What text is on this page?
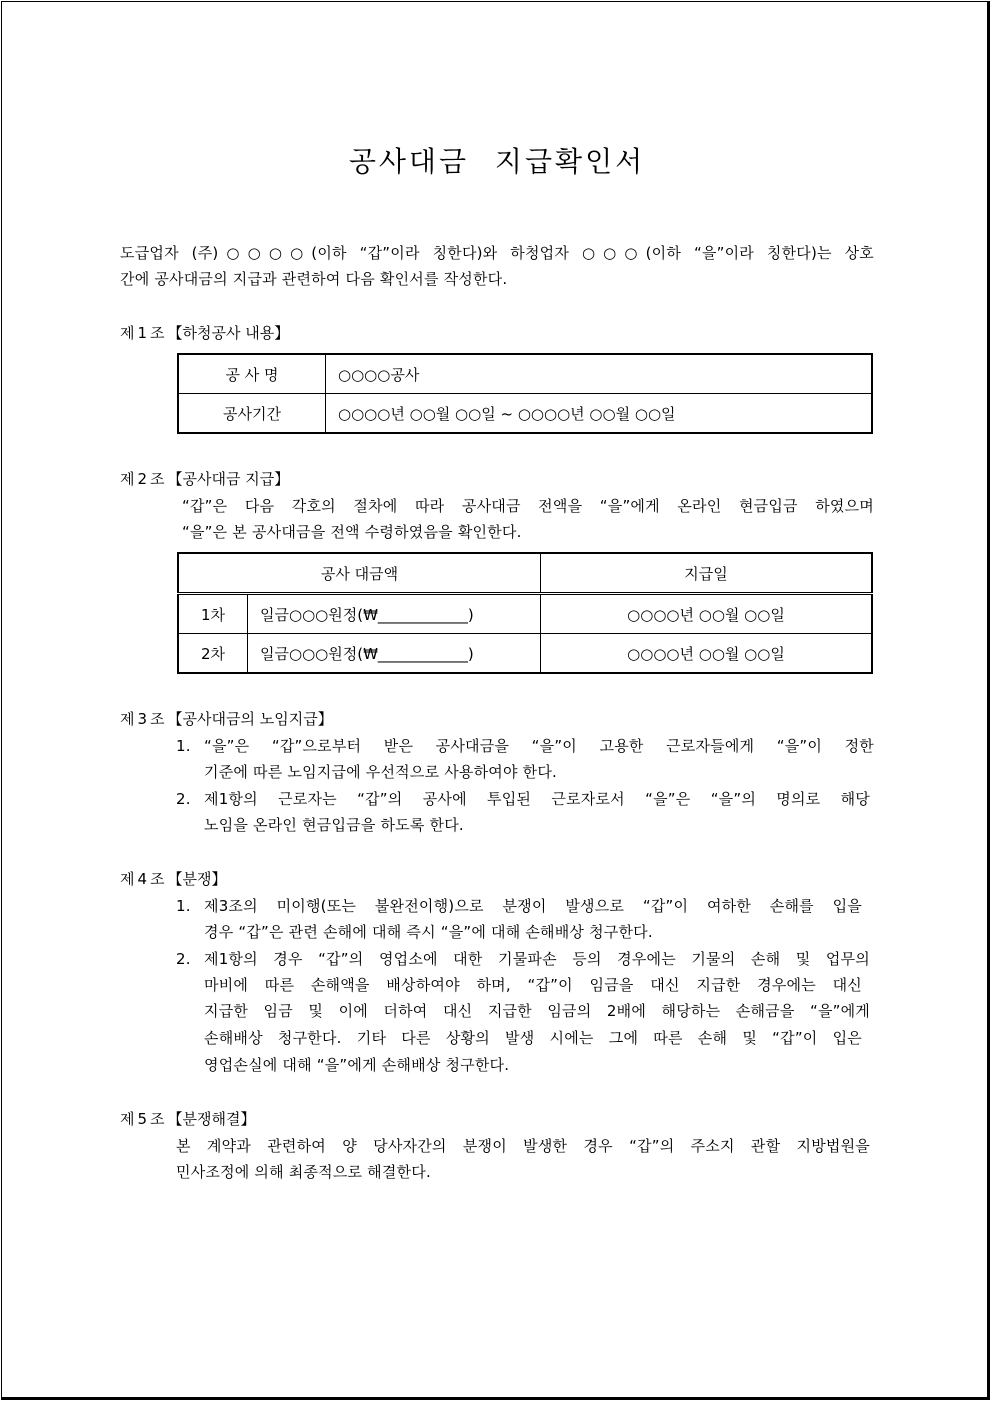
공사대금 지급확인서
도급업자 (주)○○○○(이하 “갑”이라 칭한다)와 하청업자 ○○○(이하 “을”이라 칭한다)는 상호
간에 공사대금의 지급과 관련하여 다음 확인서를 작성한다.
제1조【하청공사 내용】
공 사 명	○○○○공사
공사기간	○○○○년 ○○월 ○○일 ~ ○○○○년 ○○월 ○○일
제2조【공사대금 지급】
“갑”은 다음 각호의 절차에 따라 공사대금 전액을 “을”에게 온라인 현금입금 하였으며
“을”은 본 공사대금을 전액 수령하였음을 확인한다.
공사 대금액		지급일
1차	일금○○○원정(₩____________)	○○○○년 ○○월 ○○일
2차	일금○○○원정(₩____________)	○○○○년 ○○월 ○○일
제3조【공사대금의 노임지급】
1. “을”은 “갑”으로부터 받은 공사대금을 “을”이 고용한 근로자들에게 “을”이 정한
기준에 따른 노임지급에 우선적으로 사용하여야 한다.
2. 제1항의 근로자는 “갑”의 공사에 투입된 근로자로서 “을”은 “을”의 명의로 해당
노임을 온라인 현금입금을 하도록 한다.
제4조【분쟁】
1. 제3조의 미이행(또는 불완전이행)으로 분쟁이 발생으로 “갑”이 여하한 손해를 입을
경우 “갑”은 관련 손해에 대해 즉시 “을”에 대해 손해배상 청구한다.
2. 제1항의 경우 “갑”의 영업소에 대한 기물파손 등의 경우에는 기물의 손해 및 업무의
마비에 따른 손해액을 배상하여야 하며, “갑”이 임금을 대신 지급한 경우에는 대신
지급한 임금 및 이에 더하여 대신 지급한 임금의 2배에 해당하는 손해금을 “을”에게
손해배상 청구한다. 기타 다른 상황의 발생 시에는 그에 따른 손해 및 “갑”이 입은
영업손실에 대해 “을”에게 손해배상 청구한다.
제5조【분쟁해결】
본 계약과 관련하여 양 당사자간의 분쟁이 발생한 경우 “갑”의 주소지 관할 지방법원을
민사조정에 의해 최종적으로 해결한다.
